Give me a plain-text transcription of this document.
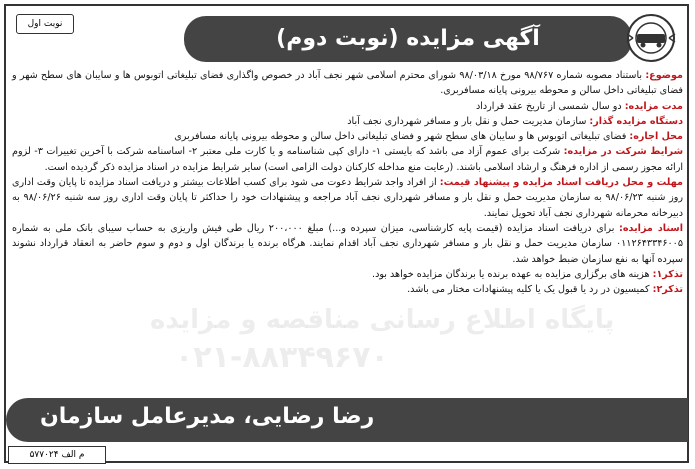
نوبت اول
آگهی مزایده (نوبت دوم)
پایگاه اطلاع رسانی مناقصه و مزایده
۰۲۱-۸۸۳۴۹۶۷۰

موضوع: باستناد مصوبه شماره ۹۸/۷۶۷ مورخ ۹۸/۰۳/۱۸ شورای محترم اسلامی شهر نجف آباد در خصوص واگذاری فضای تبلیغاتی اتوبوس ها و سایبان های سطح شهر و فضای تبلیغاتی داخل سالن و محوطه بیرونی پایانه مسافربری.

مدت مزایده: دو سال شمسی از تاریخ عقد قرارداد

دستگاه مزایده گذار: سازمان مدیریت حمل و نقل بار و مسافر شهرداری نجف آباد

محل اجاره: فضای تبلیغاتی اتوبوس ها و سایبان های سطح شهر و فضای تبلیغاتی داخل سالن و محوطه بیرونی پایانه مسافربری

شرایط شرکت در مزایده: شرکت برای عموم آزاد می باشد که بایستی ۱- دارای کپی شناسنامه و یا کارت ملی معتبر ۲- اساسنامه شرکت با آخرین تغییرات ۳- لزوم ارائه مجوز رسمی از اداره فرهنگ و ارشاد اسلامی باشند. (رعایت منع مداخله کارکنان دولت الزامی است) سایر شرایط مزایده در اسناد مزایده ذکر گردیده است.

مهلت و محل دریافت اسناد مزایده و پیشنهاد قیمت: از افراد واجد شرایط دعوت می شود برای کسب اطلاعات بیشتر و دریافت اسناد مزایده تا پایان وقت اداری روز شنبه ۹۸/۰۶/۲۳ به سازمان مدیریت حمل و نقل بار و مسافر شهرداری نجف آباد مراجعه و پیشنهادات خود را حداکثر تا پایان وقت اداری روز سه شنبه ۹۸/۰۶/۲۶ به دبیرخانه محرمانه شهرداری نجف آباد تحویل نمایند.

اسناد مزایده: برای دریافت اسناد مزایده (قیمت پایه کارشناسی، میزان سپرده و...) مبلغ ۲۰۰،۰۰۰ ریال طی فیش واریزی به حساب سیبای بانک ملی به شماره ۰۱۱۲۶۴۳۳۴۶۰۰۵ سازمان مدیریت حمل و نقل بار و مسافر شهرداری نجف آباد اقدام نمایند. هرگاه برنده یا برندگان اول و دوم و سوم حاضر به انعقاد قرارداد نشوند سپرده آنها به نفع سازمان ضبط خواهد شد.

تذکر۱: هزینه های برگزاری مزایده به عهده برنده یا برندگان مزایده خواهد بود.

تذکر۲: کمیسیون در رد یا قبول یک یا کلیه پیشنهادات مختار می باشد.

رضا رضایی، مدیرعامل سازمان
م الف ۵۷۷۰۲۴
